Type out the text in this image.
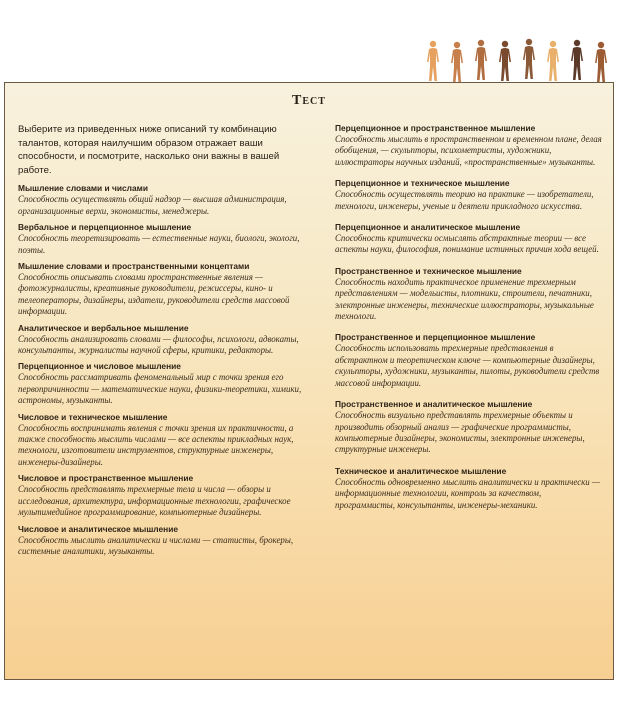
Тест

Выберите из приведенных ниже описаний ту комбинацию талантов, которая наилучшим образом отражает ваши способности, и посмотрите, насколько они важны в вашей работе.

Мышление словами и числами
Способность осуществлять общий надзор — высшая администрация, организационные верхи, экономисты, менеджеры.
Вербальное и перцепционное мышление
Способность теоретизировать — естественные науки, биологи, экологи, поэты.
Мышление словами и пространственными концептами
Способность описывать словами пространственные явления — фотожурналисты, креативные руководители, режиссеры, кино- и телеоператоры, дизайнеры, издатели, руководители средств массовой информации.
Аналитическое и вербальное мышление
Способность анализировать словами — философы, психологи, адвокаты, консультанты, журналисты научной сферы, критики, редакторы.
Перцепционное и числовое мышление
Способность рассматривать феноменальный мир с точки зрения его первопричинности — математические науки, физики-теоретики, химики, астрономы, музыканты.
Числовое и техническое мышление
Способность воспринимать явления с точки зрения их практичности, а также способность мыслить числами — все аспекты прикладных наук, технологи, изготовители инструментов, структурные инженеры, инженеры-дизайнеры.
Числовое и пространственное мышление
Способность представлять трехмерные тела и числа — обзоры и исследования, архитектура, информационные технологии, графическое мультимедийное программирование, компьютерные дизайнеры.
Числовое и аналитическое мышление
Способность мыслить аналитически и числами — статисты, брокеры, системные аналитики, музыканты.
Перцепционное и пространственное мышление
Способность мыслить в пространственном и временном плане, делая обобщения, — скульпторы, психометристы, художники, иллюстраторы научных изданий, «пространственные» музыканты.
Перцепционное и техническое мышление
Способность осуществлять теорию на практике — изобретатели, технологи, инженеры, ученые и деятели прикладного искусства.
Перцепционное и аналитическое мышление
Способность критически осмыслять абстрактные теории — все аспекты науки, философия, понимание истинных причин хода вещей.
Пространственное и техническое мышление
Способность находить практическое применение трехмерным представлениям — модельисты, плотники, строители, печатники, электронные инженеры, технические иллюстраторы, музыкальные технологи.
Пространственное и перцепционное мышление
Способность использовать трехмерные представления в абстрактном и теоретическом ключе — компьютерные дизайнеры, скульпторы, художники, музыканты, пилоты, руководители средств массовой информации.
Пространственное и аналитическое мышление
Способность визуально представлять трехмерные объекты и производить обзорный анализ — графические программисты, компьютерные дизайнеры, экономисты, электронные инженеры, структурные инженеры.
Техническое и аналитическое мышление
Способность одновременно мыслить аналитически и практически — информационные технологии, контроль за качеством, программисты, консультанты, инженеры-механики.
